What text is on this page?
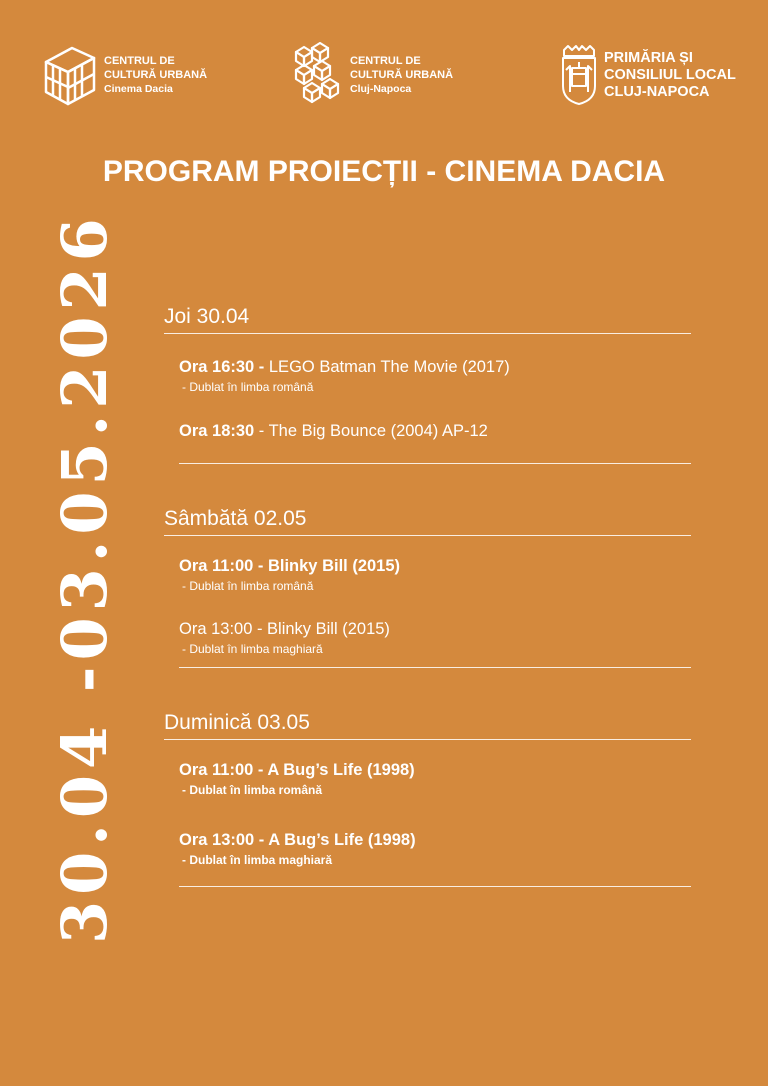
CENTRUL DE
CULTURĂ URBANĂ
Cinema Dacia
CENTRUL DE
CULTURĂ URBANĂ
Cluj-Napoca
PRIMĂRIA ȘI
CONSILIUL LOCAL
CLUJ-NAPOCA
PROGRAM PROIECȚII - CINEMA DACIA
30.04 -03.05.2026 Joi 30.04
Ora 16:30 - LEGO Batman The Movie (2017)
- Dublat în limba română
Ora 18:30 - The Big Bounce (2004) AP-12
Sâmbătă 02.05
Ora 11:00 - Blinky Bill (2015)
- Dublat în limba română
Ora 13:00 - Blinky Bill (2015)
- Dublat în limba maghiară
Duminică 03.05
Ora 11:00 - A Bug’s Life (1998)
- Dublat în limba română
Ora 13:00 - A Bug’s Life (1998)
- Dublat în limba maghiară
